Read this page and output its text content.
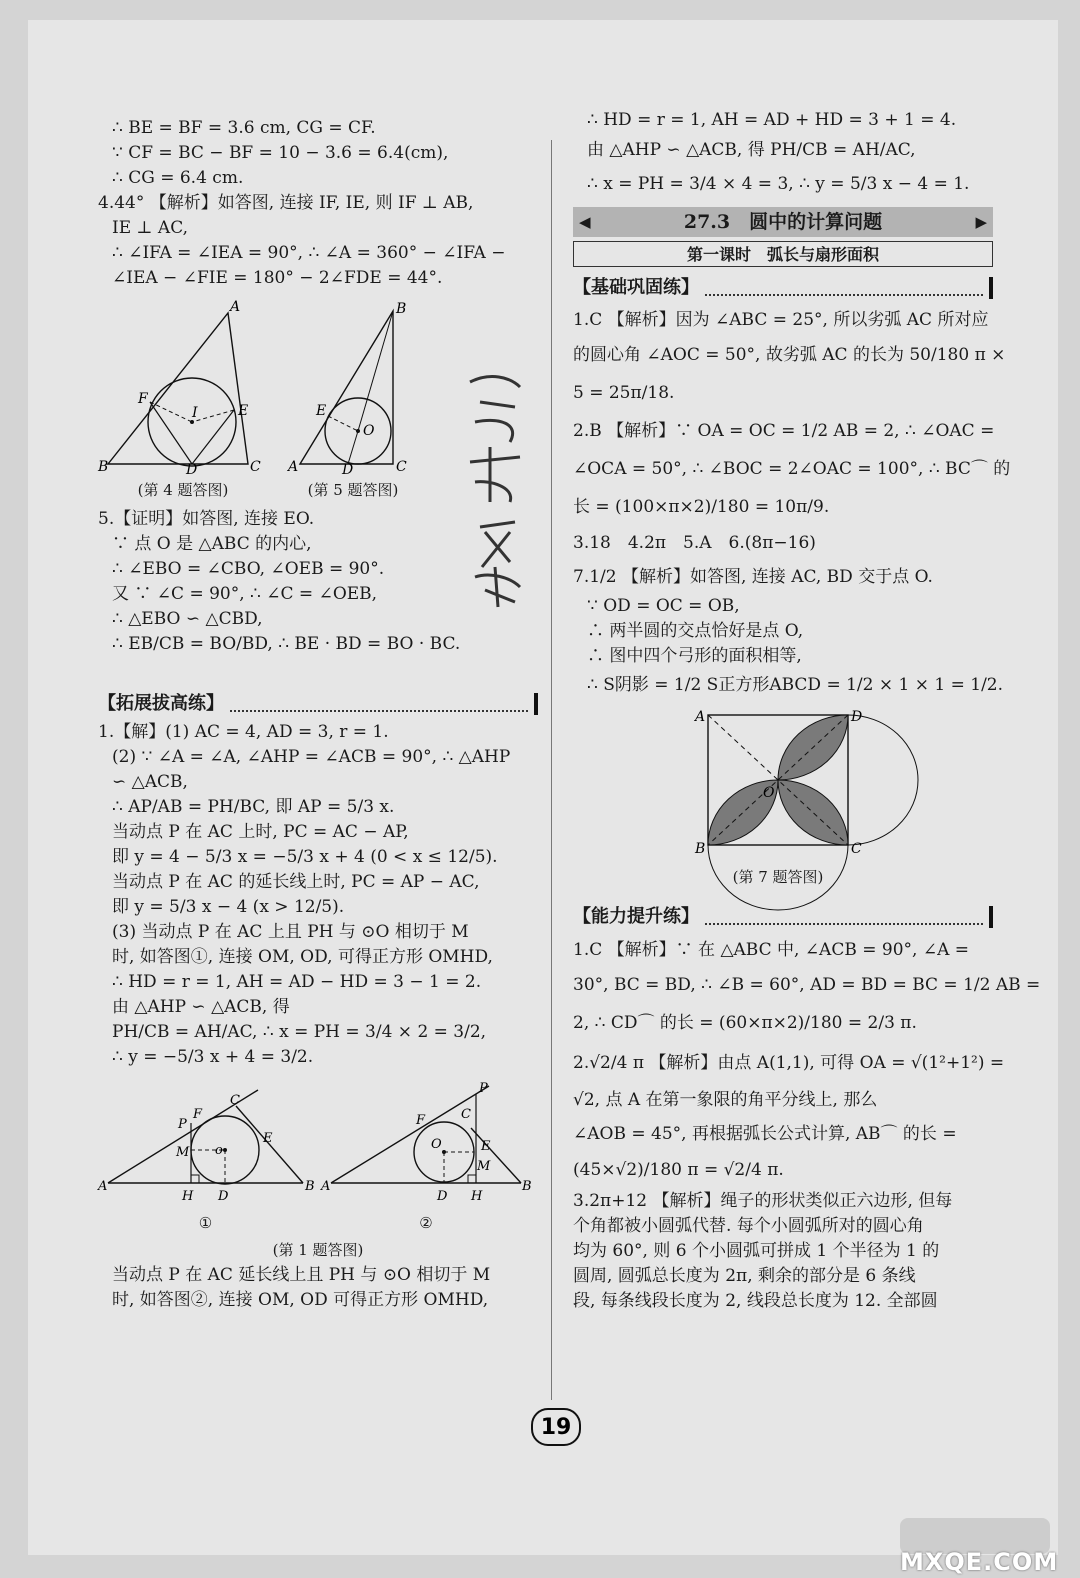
∴ BE = BF = 3.6 cm, CG = CF.
∵ CF = BC − BF = 10 − 3.6 = 6.4(cm),
∴ CG = 6.4 cm.
4.44° 【解析】如答图, 连接 IF, IE, 则 IF ⊥ AB,
IE ⊥ AC,
∴ ∠IFA = ∠IEA = 90°, ∴ ∠A = 360° − ∠IFA −
∠IEA − ∠FIE = 180° − 2∠FDE = 44°.
A
B	C
D
F
E
I
(第 4 题答图)
B
A	C
D
E
O
(第 5 题答图)
5.【证明】如答图, 连接 EO.
∵ 点 O 是 △ABC 的内心,
∴ ∠EBO = ∠CBO, ∠OEB = 90°.
又 ∵ ∠C = 90°, ∴ ∠C = ∠OEB,
∴ △EBO ∽ △CBD,
∴ EB/CB = BO/BD, ∴ BE · BD = BO · BC.
【拓展拔高练】
1.【解】(1) AC = 4, AD = 3, r = 1.
(2) ∵ ∠A = ∠A, ∠AHP = ∠ACB = 90°, ∴ △AHP
∽ △ACB,
∴ AP/AB = PH/BC, 即 AP = 5/3 x.
当动点 P 在 AC 上时, PC = AC − AP,
即 y = 4 − 5/3 x = −5/3 x + 4 (0 < x ≤ 12/5).
当动点 P 在 AC 的延长线上时, PC = AP − AC,
即 y = 5/3 x − 4 (x > 12/5).
(3) 当动点 P 在 AC 上且 PH 与 ⊙O 相切于 M
时, 如答图①, 连接 OM, OD, 可得正方形 OMHD,
∴ HD = r = 1, AH = AD − HD = 3 − 1 = 2.
由 △AHP ∽ △ACB, 得
PH/CB = AH/AC, ∴ x = PH = 3/4 × 2 = 3/2,
∴ y = −5/3 x + 4 = 3/2.
A	B
C
H D
P
F
M
E
o
①
A	B
P
C
F
E
M
D H
O
②
(第 1 题答图)
当动点 P 在 AC 延长线上且 PH 与 ⊙O 相切于 M
时, 如答图②, 连接 OM, OD 可得正方形 OMHD,
∴ HD = r = 1, AH = AD + HD = 3 + 1 = 4.
由 △AHP ∽ △ACB, 得 PH/CB = AH/AC,
∴ x = PH = 3/4 × 4 = 3, ∴ y = 5/3 x − 4 = 1.
◀	27.3　圆中的计算问题	▶
第一课时　弧长与扇形面积
【基础巩固练】
1.C 【解析】因为 ∠ABC = 25°, 所以劣弧 AC 所对应
的圆心角 ∠AOC = 50°, 故劣弧 AC 的长为 50/180 π ×
5 = 25π/18.
2.B 【解析】∵ OA = OC = 1/2 AB = 2, ∴ ∠OAC =
∠OCA = 50°, ∴ ∠BOC = 2∠OAC = 100°, ∴ BC⌒ 的
长 = (100×π×2)/180 = 10π/9.
3.18　4.2π　5.A　6.(8π−16)
7.1/2 【解析】如答图, 连接 AC, BD 交于点 O.
∵ OD = OC = OB,
∴ 两半圆的交点恰好是点 O,
∴ 图中四个弓形的面积相等,
∴ S阴影 = 1/2 S正方形ABCD = 1/2 × 1 × 1 = 1/2.
A	D
B	C
O
(第 7 题答图)
【能力提升练】
1.C 【解析】∵ 在 △ABC 中, ∠ACB = 90°, ∠A =
30°, BC = BD, ∴ ∠B = 60°, AD = BD = BC = 1/2 AB =
2, ∴ CD⌒ 的长 = (60×π×2)/180 = 2/3 π.
2.√2/4 π 【解析】由点 A(1,1), 可得 OA = √(1²+1²) =
√2, 点 A 在第一象限的角平分线上, 那么
∠AOB = 45°, 再根据弧长公式计算, AB⌒ 的长 =
(45×√2)/180 π = √2/4 π.
3.2π+12 【解析】绳子的形状类似正六边形, 但每
个角都被小圆弧代替. 每个小圆弧所对的圆心角
均为 60°, 则 6 个小圆弧可拼成 1 个半径为 1 的
圆周, 圆弧总长度为 2π, 剩余的部分是 6 条线
段, 每条线段长度为 2, 线段总长度为 12. 全部圆
19
MXQE.COM
